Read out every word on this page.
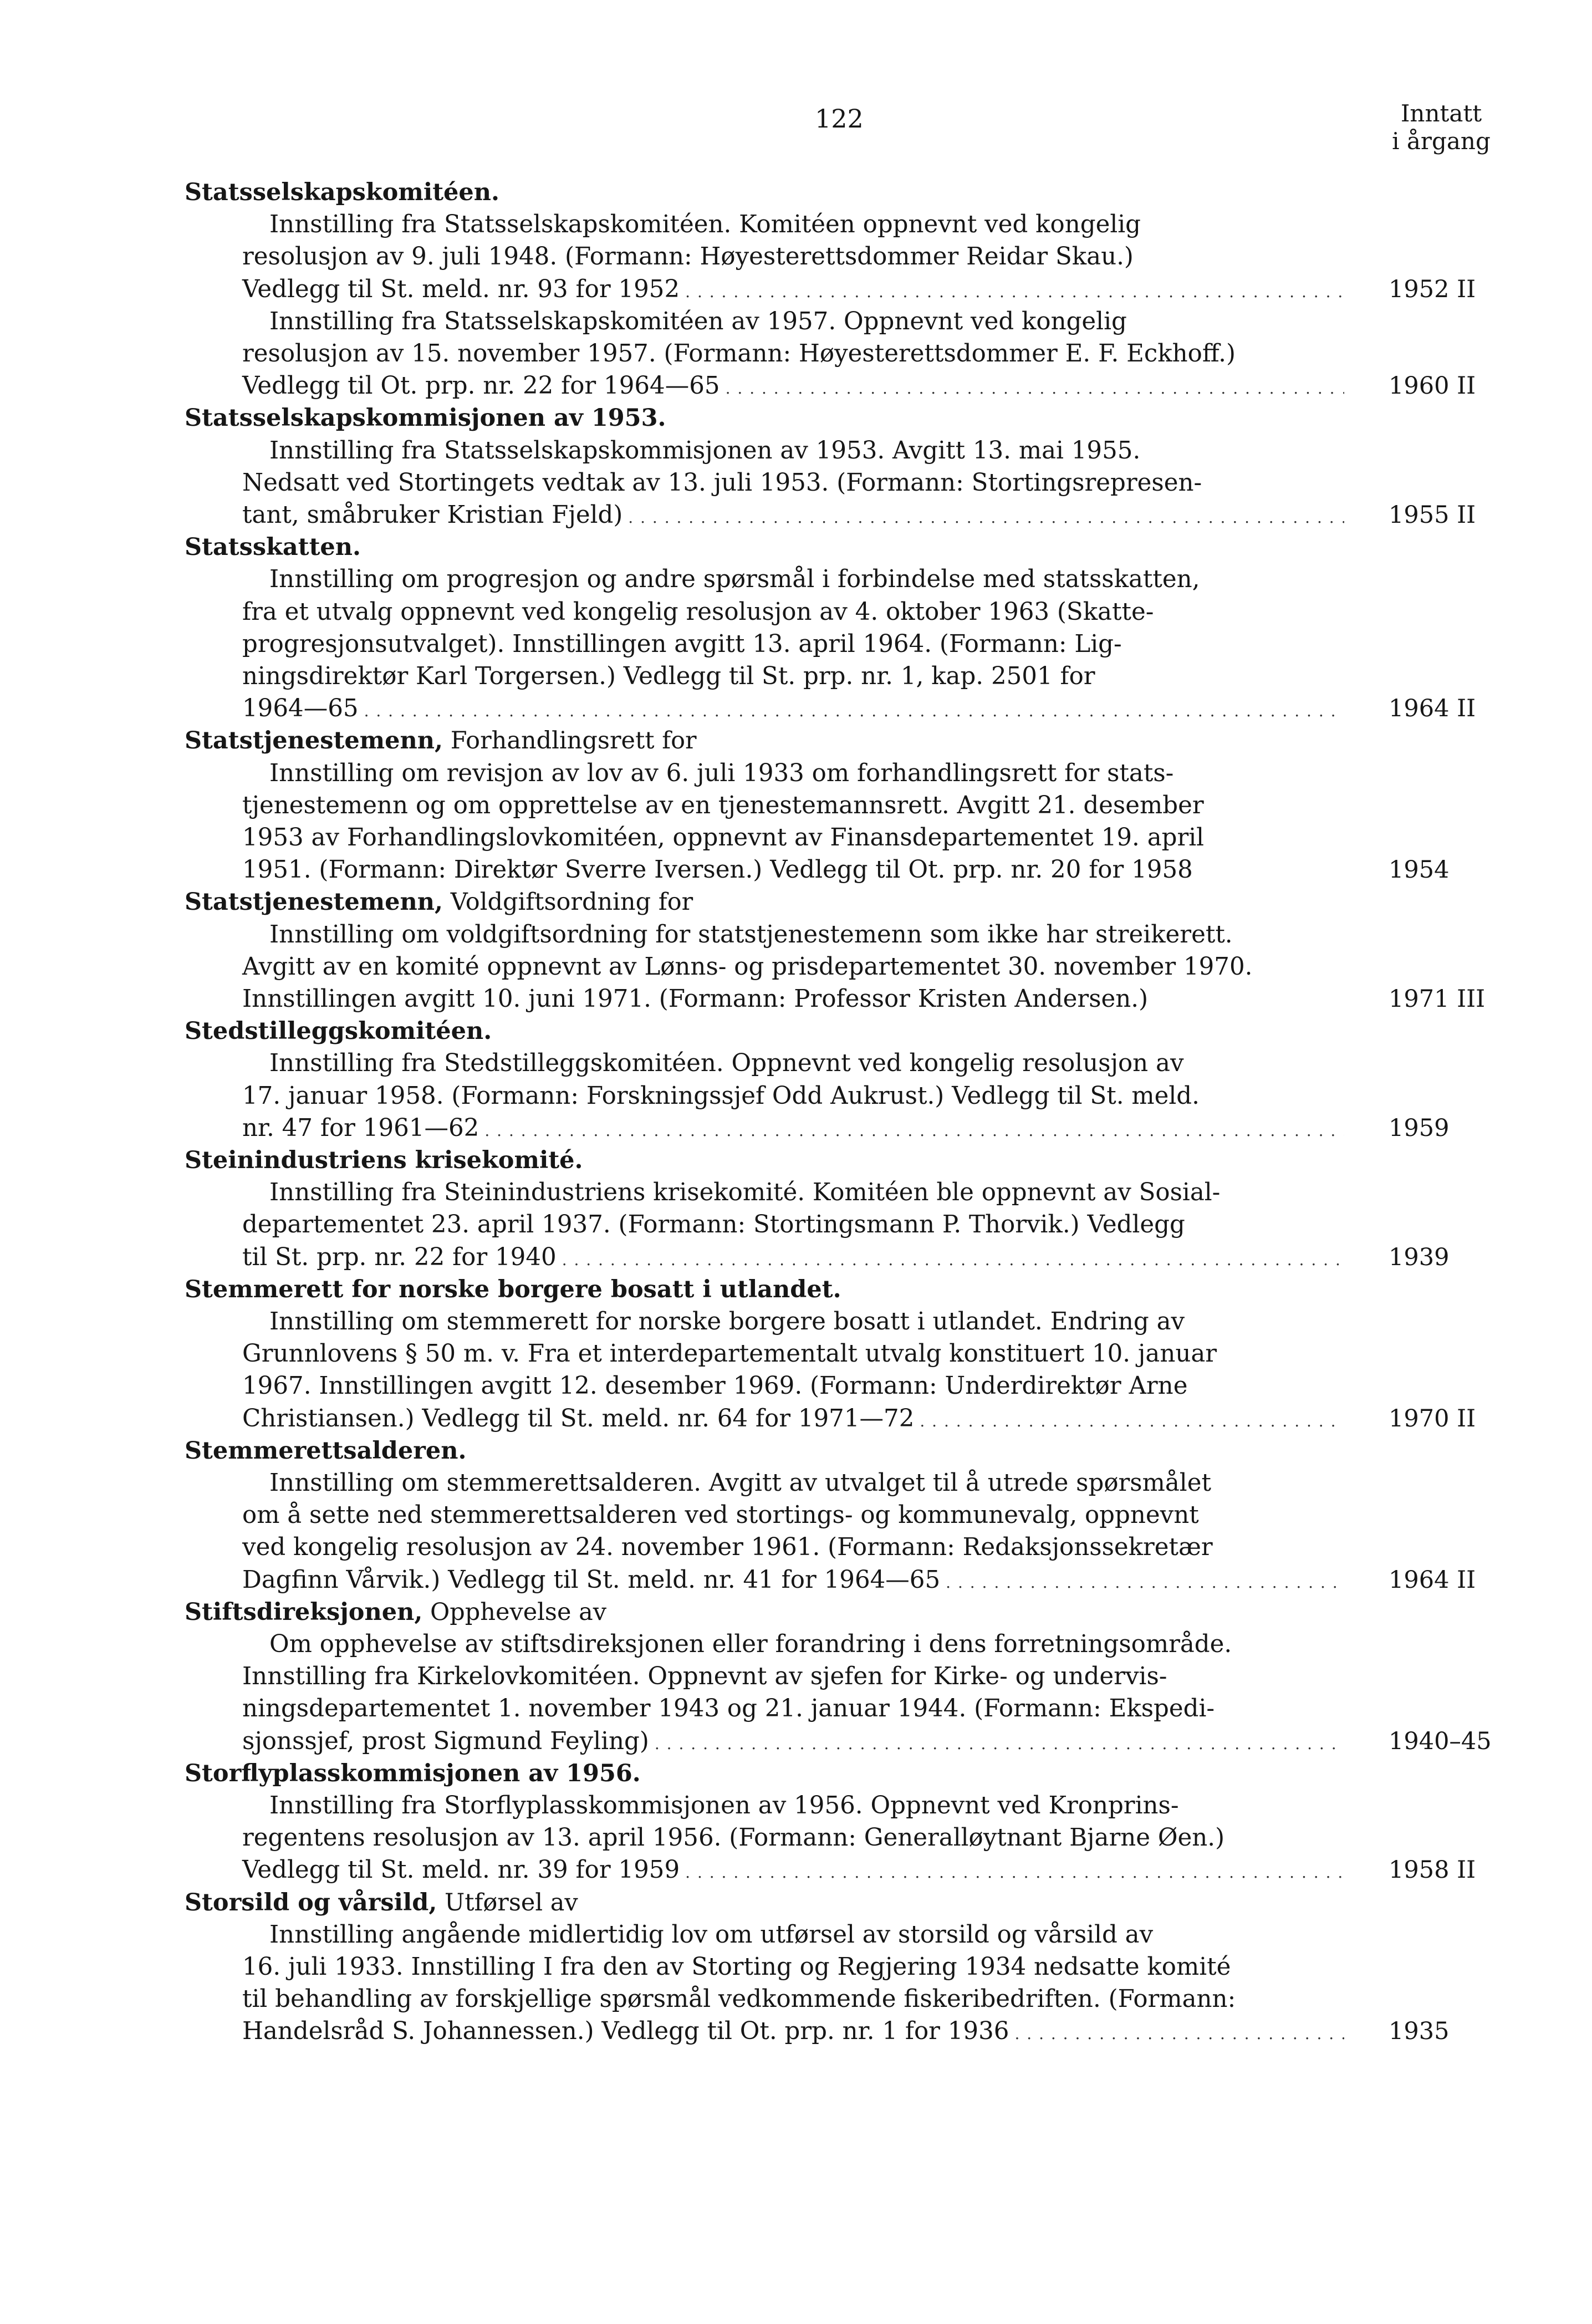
122	Inntatt
i årgang
Statsselskapskomitéen.
Innstilling fra Statsselskapskomitéen. Komitéen oppnevnt ved kongelig
resolusjon av 9. juli 1948. (Formann: Høyesterettsdommer Reidar Skau.)
Vedlegg til St. meld. nr. 93 for 1952 . . .	1952 II
Innstilling fra Statsselskapskomitéen av 1957. Oppnevnt ved kongelig
resolusjon av 15. november 1957. (Formann: Høyesterettsdommer E. F. Eckhoff.)
Vedlegg til Ot. prp. nr. 22 for 1964—65 . . .	1960 II
Statsselskapskommisjonen av 1953.
Innstilling fra Statsselskapskommisjonen av 1953. Avgitt 13. mai 1955.
Nedsatt ved Stortingets vedtak av 13. juli 1953. (Formann: Stortingsrepresen-
tant, småbruker Kristian Fjeld) . . .	1955 II
Statsskatten.
Innstilling om progresjon og andre spørsmål i forbindelse med statsskatten,
fra et utvalg oppnevnt ved kongelig resolusjon av 4. oktober 1963 (Skatte-
progresjonsutvalget). Innstillingen avgitt 13. april 1964. (Formann: Lig-
ningsdirektør Karl Torgersen.) Vedlegg til St. prp. nr. 1, kap. 2501 for
1964—65 . . .	1964 II
Statstjenestemenn, Forhandlingsrett for
Innstilling om revisjon av lov av 6. juli 1933 om forhandlingsrett for stats-
tjenestemenn og om opprettelse av en tjenestemannsrett. Avgitt 21. desember
1953 av Forhandlingslovkomitéen, oppnevnt av Finansdepartementet 19. april
1951. (Formann: Direktør Sverre Iversen.) Vedlegg til Ot. prp. nr. 20 for 1958	1954
Statstjenestemenn, Voldgiftsordning for
Innstilling om voldgiftsordning for statstjenestemenn som ikke har streikerett.
Avgitt av en komité oppnevnt av Lønns- og prisdepartementet 30. november 1970.
Innstillingen avgitt 10. juni 1971. (Formann: Professor Kristen Andersen.)	1971 III
Stedstilleggskomitéen.
Innstilling fra Stedstilleggskomitéen. Oppnevnt ved kongelig resolusjon av
17. januar 1958. (Formann: Forskningssjef Odd Aukrust.) Vedlegg til St. meld.
nr. 47 for 1961—62 . . .	1959
Steinindustriens krisekomité.
Innstilling fra Steinindustriens krisekomité. Komitéen ble oppnevnt av Sosial-
departementet 23. april 1937. (Formann: Stortingsmann P. Thorvik.) Vedlegg
til St. prp. nr. 22 for 1940 . . .	1939
Stemmerett for norske borgere bosatt i utlandet.
Innstilling om stemmerett for norske borgere bosatt i utlandet. Endring av
Grunnlovens § 50 m. v. Fra et interdepartementalt utvalg konstituert 10. januar
1967. Innstillingen avgitt 12. desember 1969. (Formann: Underdirektør Arne
Christiansen.) Vedlegg til St. meld. nr. 64 for 1971—72 . . .	1970 II
Stemmerettsalderen.
Innstilling om stemmerettsalderen. Avgitt av utvalget til å utrede spørsmålet
om å sette ned stemmerettsalderen ved stortings- og kommunevalg, oppnevnt
ved kongelig resolusjon av 24. november 1961. (Formann: Redaksjonssekretær
Dagfinn Vårvik.) Vedlegg til St. meld. nr. 41 for 1964—65 . . .	1964 II
Stiftsdireksjonen, Opphevelse av
Om opphevelse av stiftsdireksjonen eller forandring i dens forretningsområde.
Innstilling fra Kirkelovkomitéen. Oppnevnt av sjefen for Kirke- og undervis-
ningsdepartementet 1. november 1943 og 21. januar 1944. (Formann: Ekspedi-
sjonssjef, prost Sigmund Feyling) . . .	1940–45
Storflyplasskommisjonen av 1956.
Innstilling fra Storflyplasskommisjonen av 1956. Oppnevnt ved Kronprins-
regentens resolusjon av 13. april 1956. (Formann: Generalløytnant Bjarne Øen.)
Vedlegg til St. meld. nr. 39 for 1959 . . .	1958 II
Storsild og vårsild, Utførsel av
Innstilling angående midlertidig lov om utførsel av storsild og vårsild av
16. juli 1933. Innstilling I fra den av Storting og Regjering 1934 nedsatte komité
til behandling av forskjellige spørsmål vedkommende fiskeribedriften. (Formann:
Handelsråd S. Johannessen.) Vedlegg til Ot. prp. nr. 1 for 1936 . . .	1935
